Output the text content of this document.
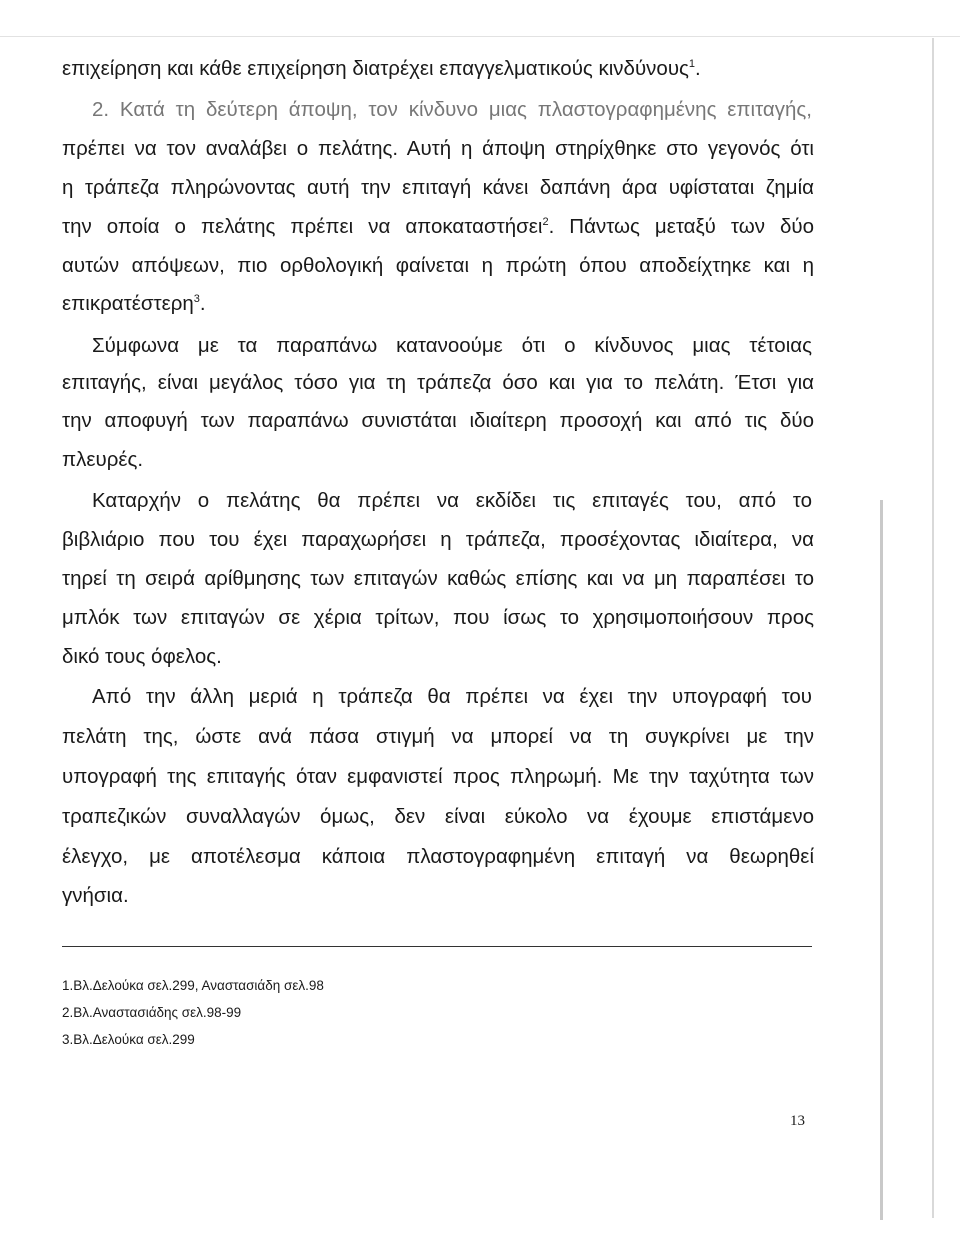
επιχείρηση και κάθε επιχείρηση διατρέχει επαγγελματικούς κινδύνους$^1$.
2. Κατά τη δεύτερη άποψη, τον κίνδυνο μιας πλαστογραφημένης επιταγής,
πρέπει να τον αναλάβει ο πελάτης. Αυτή η άποψη στηρίχθηκε στο γεγονός ότι
η τράπεζα πληρώνοντας αυτή την επιταγή κάνει δαπάνη άρα υφίσταται ζημία
την οποία ο πελάτης πρέπει να αποκαταστήσει$^2$. Πάντως μεταξύ των δύο
αυτών απόψεων, πιο ορθολογική φαίνεται η πρώτη όπου αποδείχτηκε και η
επικρατέστερη$^3$.
Σύμφωνα με τα παραπάνω κατανοούμε ότι ο κίνδυνος μιας τέτοιας
επιταγής, είναι μεγάλος τόσο για τη τράπεζα όσο και για το πελάτη. Έτσι για
την αποφυγή των παραπάνω συνιστάται ιδιαίτερη προσοχή και από τις δύο
πλευρές.
Καταρχήν ο πελάτης θα πρέπει να εκδίδει τις επιταγές του, από το
βιβλιάριο που του έχει παραχωρήσει η τράπεζα, προσέχοντας ιδιαίτερα, να
τηρεί τη σειρά αρίθμησης των επιταγών καθώς επίσης και να μη παραπέσει το
μπλόκ των επιταγών σε χέρια τρίτων, που ίσως το χρησιμοποιήσουν προς
δικό τους όφελος.
Από την άλλη μεριά η τράπεζα θα πρέπει να έχει την υπογραφή του
πελάτη της, ώστε ανά πάσα στιγμή να μπορεί να τη συγκρίνει με την
υπογραφή της επιταγής όταν εμφανιστεί προς πληρωμή. Με την ταχύτητα των
τραπεζικών συναλλαγών όμως, δεν είναι εύκολο να έχουμε επιστάμενο
έλεγχο, με αποτέλεσμα κάποια πλαστογραφημένη επιταγή να θεωρηθεί
γνήσια.
1.Βλ.Δελούκα σελ.299, Αναστασιάδη σελ.98
2.Βλ.Αναστασιάδης σελ.98-99
3.Βλ.Δελούκα σελ.299
13
